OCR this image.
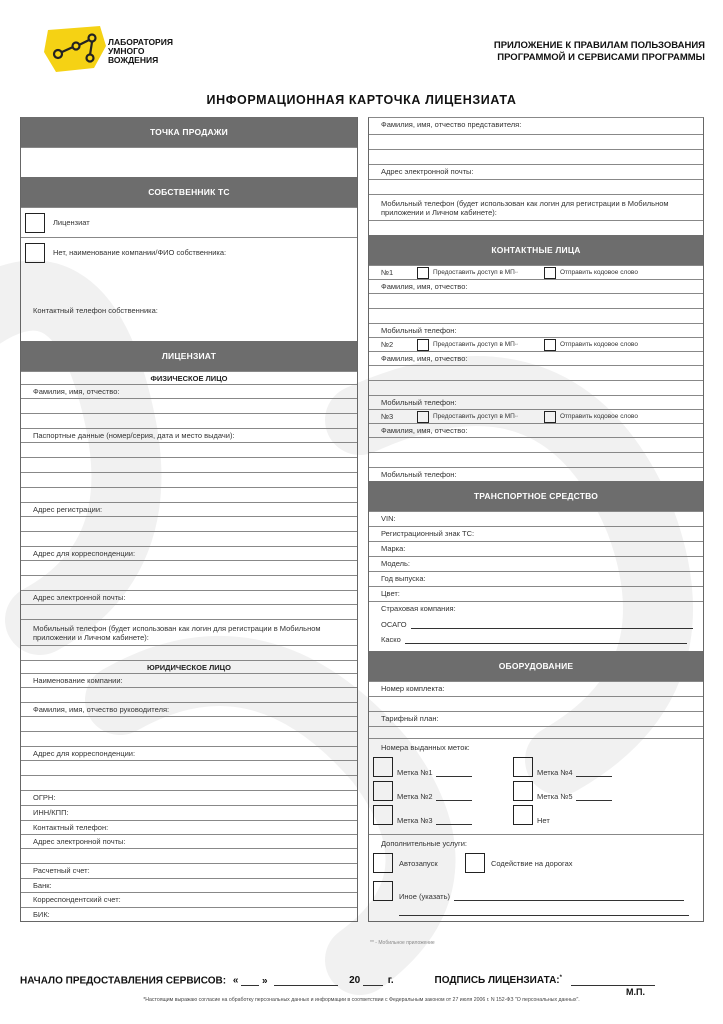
ЛАБОРАТОРИЯ
УМНОГО
ВОЖДЕНИЯ
ПРИЛОЖЕНИЕ К ПРАВИЛАМ ПОЛЬЗОВАНИЯ
ПРОГРАММОЙ И СЕРВИСАМИ ПРОГРАММЫ
ИНФОРМАЦИОННАЯ КАРТОЧКА ЛИЦЕНЗИАТА
ТОЧКА ПРОДАЖИ
СОБСТВЕННИК ТС
Лицензиат
Нет, наименование компании/ФИО собственника:
Контактный телефон собственника:
ЛИЦЕНЗИАТ
ФИЗИЧЕСКОЕ ЛИЦО
Фамилия, имя, отчество:
Паспортные данные (номер/серия, дата и место выдачи):
Адрес регистрации:
Адрес для корреспонденции:
Адрес электронной почты:
Мобильный телефон (будет использован как логин для регистрации в Мобильном приложении и Личном кабинете):
ЮРИДИЧЕСКОЕ ЛИЦО
Наименование компании:
Фамилия, имя, отчество руководителя:
Адрес для корреспонденции:
ОГРН:
ИНН/КПП:
Контактный телефон:
Адрес электронной почты:
Расчетный счет:
Банк:
Корреспондентский счет:
БИК:
Фамилия, имя, отчество представителя:
Адрес электронной почты:
Мобильный телефон (будет использован как логин для регистрации в Мобильном приложении и Личном кабинете):
КОНТАКТНЫЕ ЛИЦА
№1	Предоставить доступ в МП **	Отправить кодовое слово
Фамилия, имя, отчество:
Мобильный телефон:
№2	Предоставить доступ в МП **	Отправить кодовое слово
Фамилия, имя, отчество:
Мобильный телефон:
№3	Предоставить доступ в МП **	Отправить кодовое слово
Фамилия, имя, отчество:
Мобильный телефон:
ТРАНСПОРТНОЕ СРЕДСТВО
VIN:
Регистрационный знак ТС:
Марка:
Модель:
Год выпуска:
Цвет:
Страховая компания:
ОСАГО
Каско
ОБОРУДОВАНИЕ
Номер комплекта:
Тарифный план:
Номера выданных меток:
Метка №1	Метка №4
Метка №2	Метка №5
Метка №3	Нет
Дополнительные услуги:
Автозапуск	Содействие на дорогах
Иное (указать)
** - Мобильное приложение
НАЧАЛО ПРЕДОСТАВЛЕНИЯ СЕРВИСОВ: « »	20	г.	ПОДПИСЬ ЛИЦЕНЗИАТА:*
М.П.
*Настоящим выражаю согласие на обработку персональных данных и информации в соответствии с Федеральным законом от 27 июля 2006 г. N 152-ФЗ "О персональных данных".
